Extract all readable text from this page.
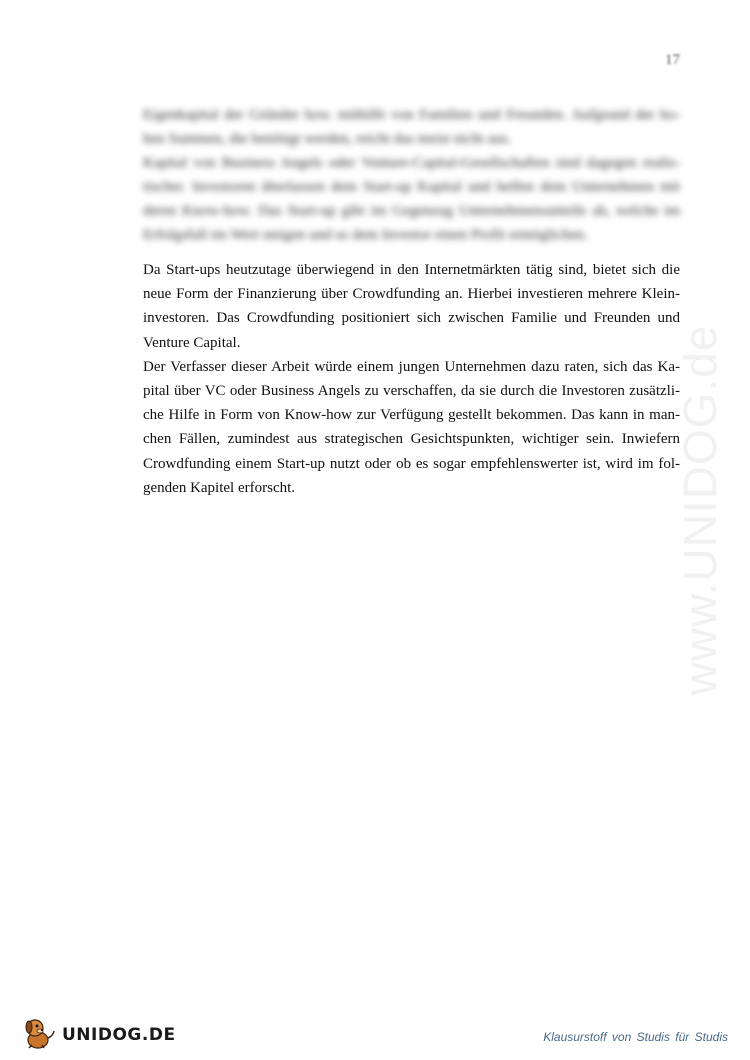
17
Eigenkapital der Gründer bzw. mithilfe von Familien und Freunden. Aufgrund der ho-
hen Summen, die benötigt werden, reicht das meist nicht aus.
Kapital von Business Angels oder Venture-Capital-Gesellschaften sind dagegen realis-
tischer. Investoren überlassen dem Start-up Kapital und helfen dem Unternehmen mit
deren Know-how. Das Start-up gibt im Gegenzug Unternehmensanteile ab, welche im
Erfolgsfall im Wert steigen und so dem Investor einen Profit ermöglichen.
Da Start-ups heutzutage überwiegend in den Internetmärkten tätig sind, bietet sich die
neue Form der Finanzierung über Crowdfunding an. Hierbei investieren mehrere Klein-
investoren. Das Crowdfunding positioniert sich zwischen Familie und Freunden und
Venture Capital.
Der Verfasser dieser Arbeit würde einem jungen Unternehmen dazu raten, sich das Ka-
pital über VC oder Business Angels zu verschaffen, da sie durch die Investoren zusätzli-
che Hilfe in Form von Know-how zur Verfügung gestellt bekommen. Das kann in man-
chen Fällen, zumindest aus strategischen Gesichtspunkten, wichtiger sein. Inwiefern
Crowdfunding einem Start-up nutzt oder ob es sogar empfehlenswerter ist, wird im fol-
genden Kapitel erforscht.	www.UNIDOG.de
UNIDOG.DE	Klausurstoff von Studis für Studis
